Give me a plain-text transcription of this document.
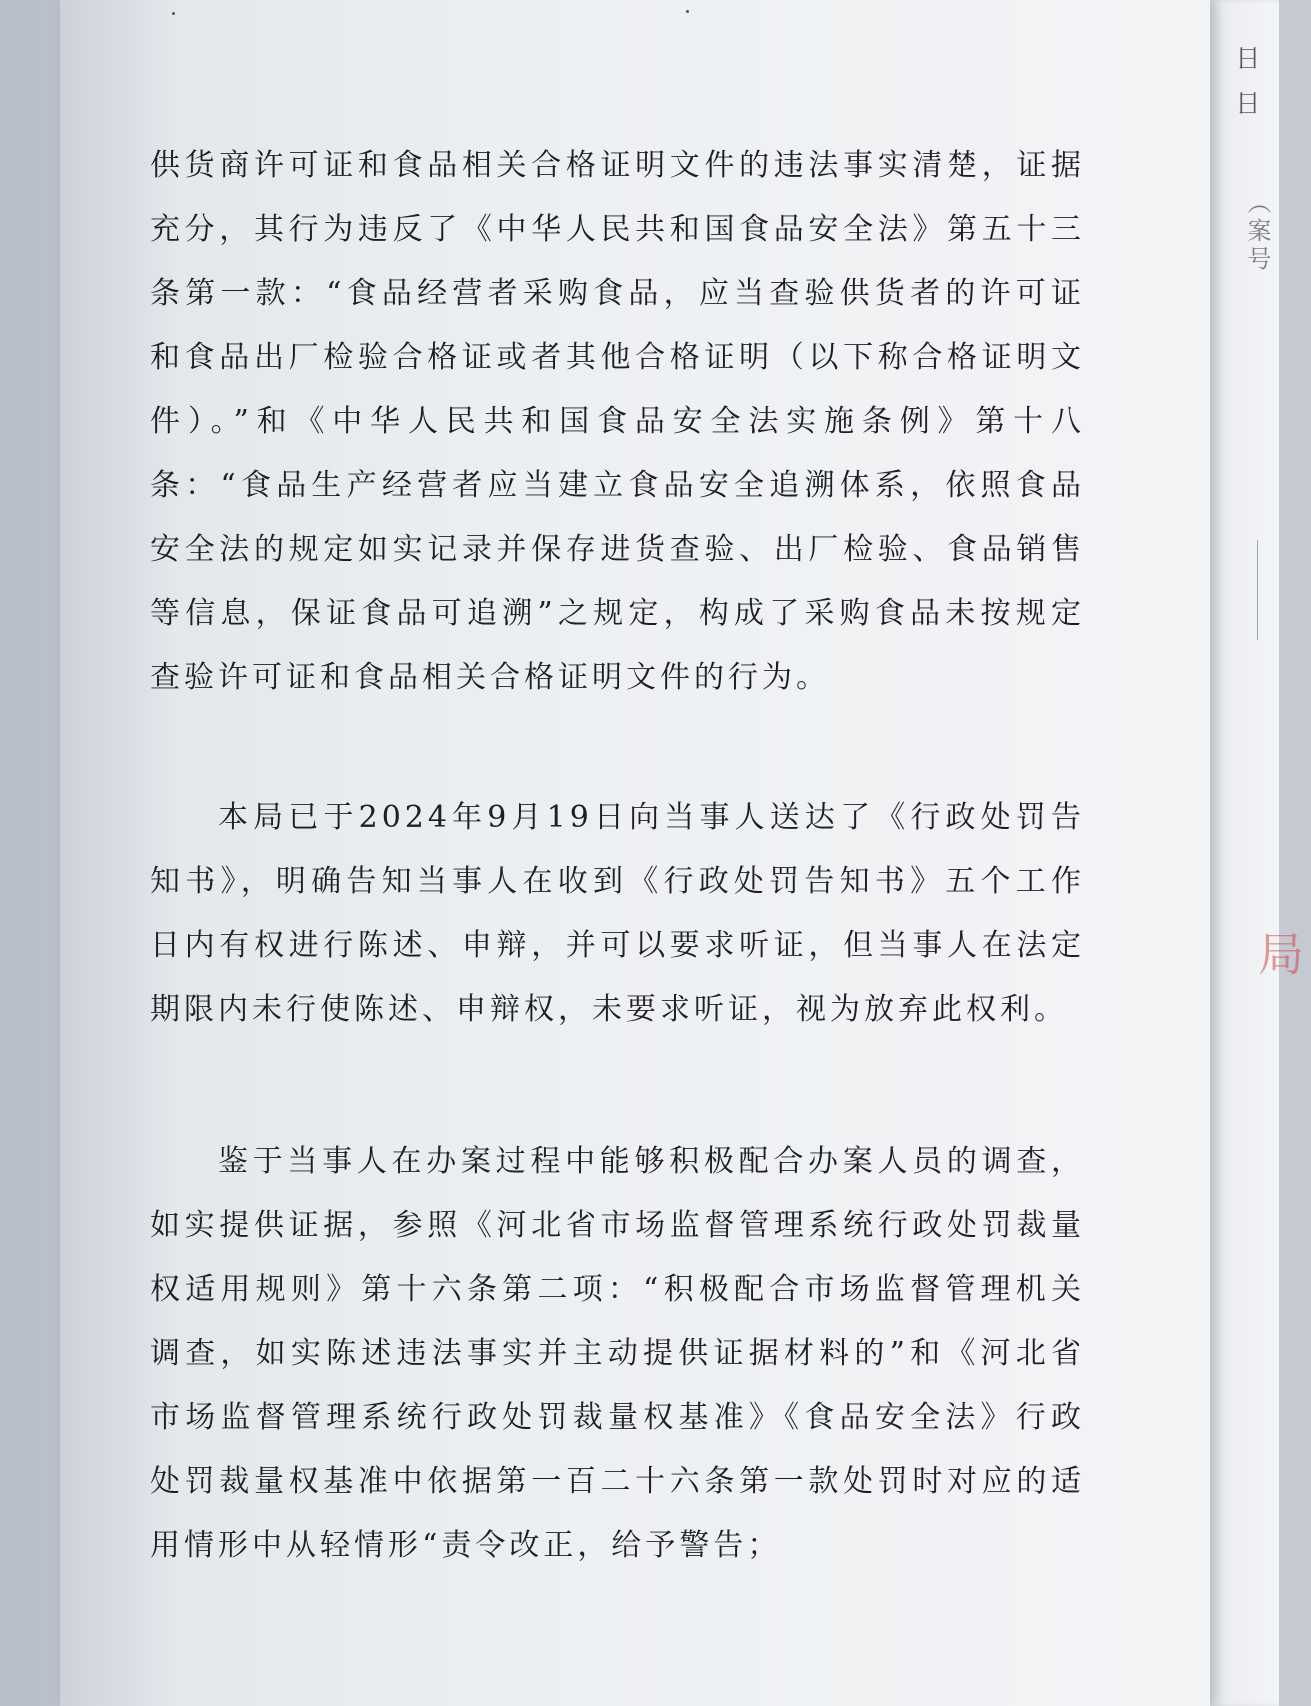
日 日
（案号
局

供货商许可证和食品相关合格证明文件的违法事实清楚，证据充分，其行为违反了《中华人民共和国食品安全法》第五十三条第一款：“食品经营者采购食品，应当查验供货者的许可证和食品出厂检验合格证或者其他合格证明（以下称合格证明文件）。”和《中华人民共和国食品安全法实施条例》第十八条：“食品生产经营者应当建立食品安全追溯体系，依照食品安全法的规定如实记录并保存进货查验、出厂检验、食品销售等信息，保证食品可追溯”之规定，构成了采购食品未按规定查验许可证和食品相关合格证明文件的行为。

本局已于2024年9月19日向当事人送达了《行政处罚告知书》，明确告知当事人在收到《行政处罚告知书》五个工作日内有权进行陈述、申辩，并可以要求听证，但当事人在法定期限内未行使陈述、申辩权，未要求听证，视为放弃此权利。

鉴于当事人在办案过程中能够积极配合办案人员的调查，如实提供证据，参照《河北省市场监督管理系统行政处罚裁量权适用规则》第十六条第二项：“积极配合市场监督管理机关调查，如实陈述违法事实并主动提供证据材料的”和《河北省市场监督管理系统行政处罚裁量权基准》《食品安全法》行政处罚裁量权基准中依据第一百二十六条第一款处罚时对应的适用情形中从轻情形“责令改正，给予警告；
